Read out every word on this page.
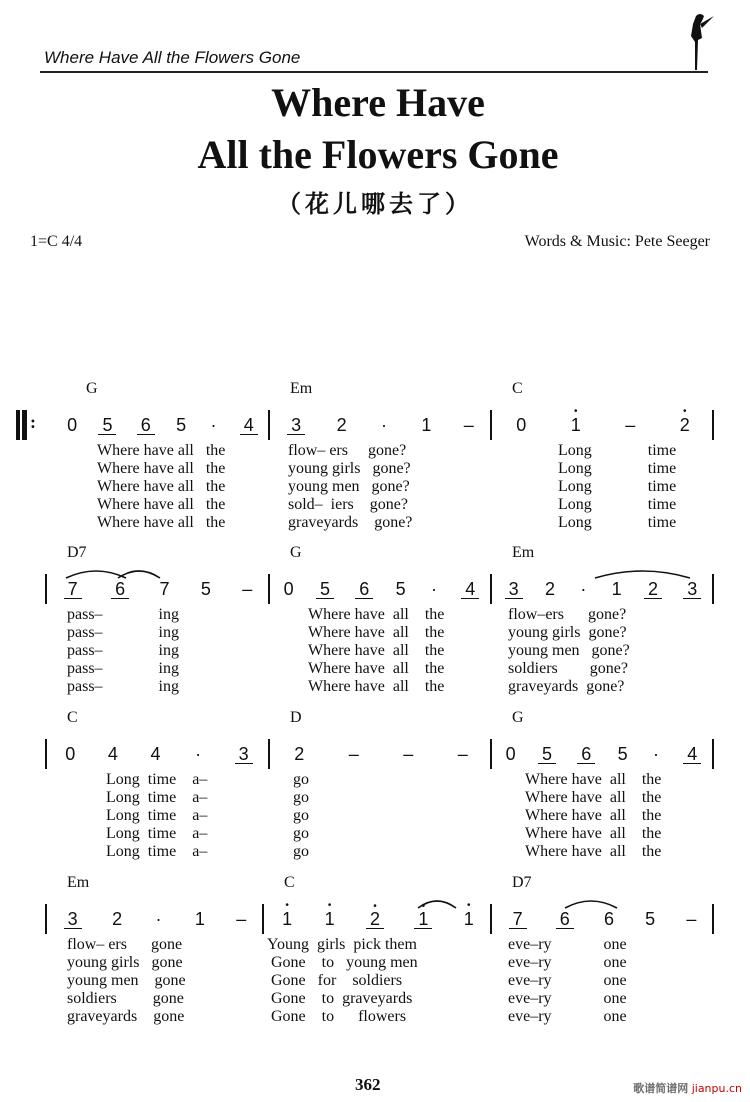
Where Have All the Flowers Gone
Where Have
All the Flowers Gone
（花儿哪去了）
1=C 4/4	Words & Music: Pete Seeger
:
G
0 5 6 5 · 4
Where have all   the
Where have all   the
Where have all   the
Where have all   the
Where have all   the
Em
3 2 · 1 –
flow– ers     gone?
young girls   gone?
young men   gone?
sold–  iers    gone?
graveyards    gone?
C
0 1
•
– 2
•
Long              time
Long              time
Long              time
Long              time
Long              time
D7
7 6 7 5 –
pass–              ing
pass–              ing
pass–              ing
pass–              ing
pass–              ing
G
0 5 6 5 · 4
Where have  all    the
Where have  all    the
Where have  all    the
Where have  all    the
Where have  all    the
Em
3 2 · 1 2 3
flow–ers      gone?
young girls  gone?
young men   gone?
soldiers        gone?
graveyards  gone?
C
0 4 4 · 3
Long  time    a–
Long  time    a–
Long  time    a–
Long  time    a–
Long  time    a–
D
2 – – –
go
go
go
go
go
G
0 5 6 5 · 4
Where have  all    the
Where have  all    the
Where have  all    the
Where have  all    the
Where have  all    the
Em
3 2 · 1 –
flow– ers      gone
young girls   gone
young men    gone
soldiers         gone
graveyards    gone
C
1
•
1
•
2
•
1
•
1
•
Young  girls  pick them
Gone    to   young men
Gone   for    soldiers
Gone    to  graveyards
Gone    to      flowers
D7
7 6 6 5 –
eve–ry             one
eve–ry             one
eve–ry             one
eve–ry             one
eve–ry             one
362	歌谱简谱网 jianpu.cn
